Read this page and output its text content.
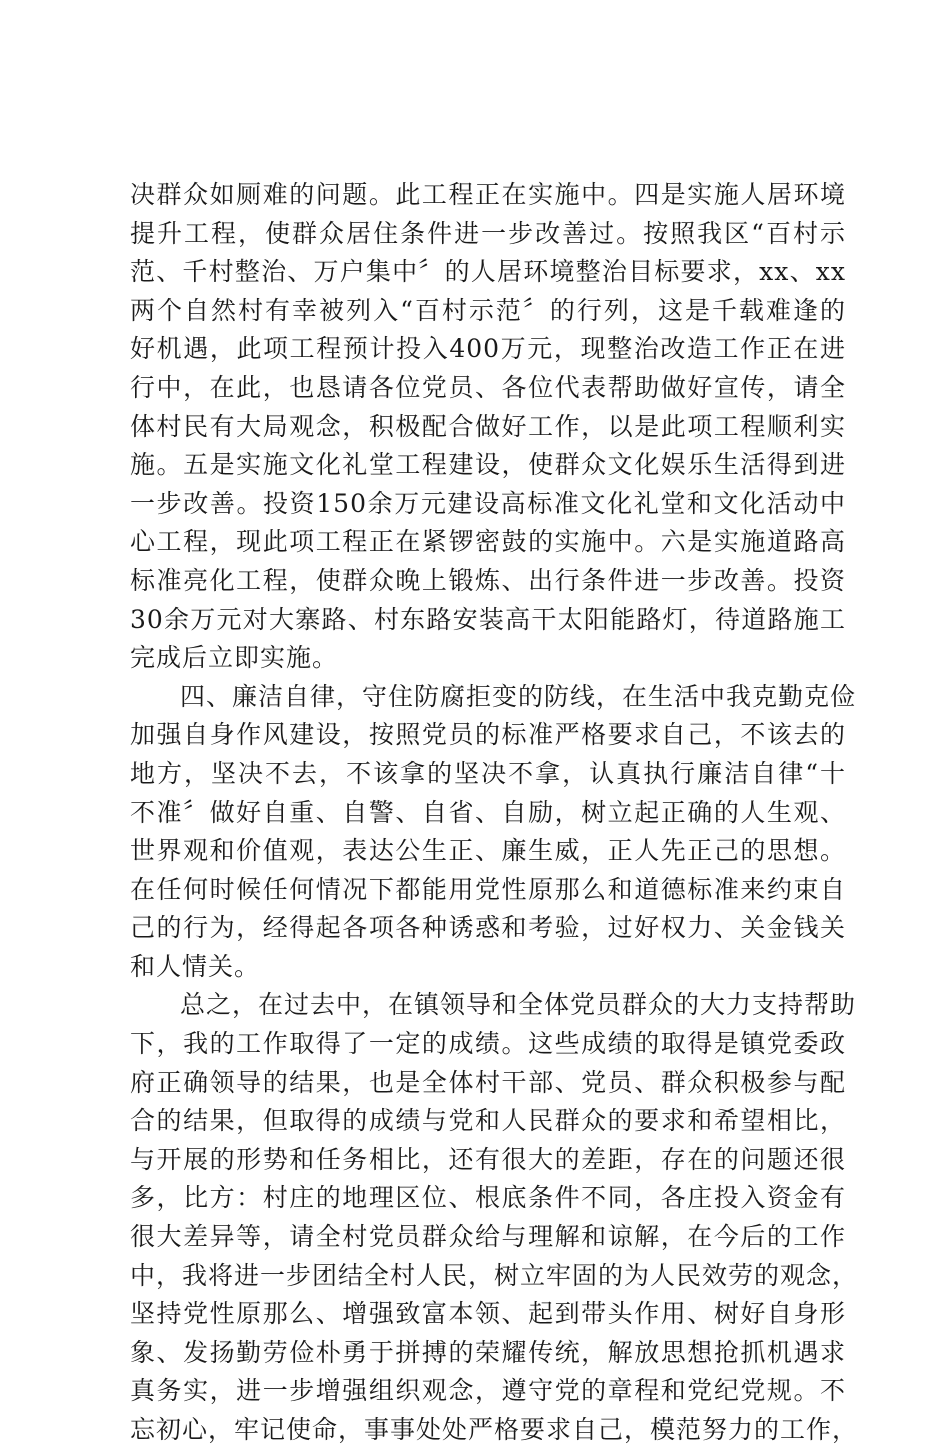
决群众如厕难的问题。此工程正在实施中。四是实施人居环境
提升工程，使群众居住条件进一步改善过。按照我区“百村示
范、千村整治、万户集中〞的人居环境整治目标要求，xx、xx
两个自然村有幸被列入“百村示范〞的行列，这是千载难逢的
好机遇，此项工程预计投入400万元，现整治改造工作正在进
行中，在此，也恳请各位党员、各位代表帮助做好宣传，请全
体村民有大局观念，积极配合做好工作，以是此项工程顺利实
施。五是实施文化礼堂工程建设，使群众文化娱乐生活得到进
一步改善。投资150余万元建设高标准文化礼堂和文化活动中
心工程，现此项工程正在紧锣密鼓的实施中。六是实施道路高
标准亮化工程，使群众晚上锻炼、出行条件进一步改善。投资
30余万元对大寨路、村东路安装高干太阳能路灯，待道路施工
完成后立即实施。
四、廉洁自律，守住防腐拒变的防线，在生活中我克勤克俭
加强自身作风建设，按照党员的标准严格要求自己，不该去的
地方，坚决不去，不该拿的坚决不拿，认真执行廉洁自律“十
不准〞做好自重、自警、自省、自励，树立起正确的人生观、
世界观和价值观，表达公生正、廉生威，正人先正己的思想。
在任何时候任何情况下都能用党性原那么和道德标准来约束自
己的行为，经得起各项各种诱惑和考验，过好权力、关金钱关
和人情关。
总之，在过去中，在镇领导和全体党员群众的大力支持帮助
下，我的工作取得了一定的成绩。这些成绩的取得是镇党委政
府正确领导的结果，也是全体村干部、党员、群众积极参与配
合的结果，但取得的成绩与党和人民群众的要求和希望相比，
与开展的形势和任务相比，还有很大的差距，存在的问题还很
多，比方：村庄的地理区位、根底条件不同，各庄投入资金有
很大差异等，请全村党员群众给与理解和谅解，在今后的工作
中，我将进一步团结全村人民，树立牢固的为人民效劳的观念，
坚持党性原那么、增强致富本领、起到带头作用、树好自身形
象、发扬勤劳俭朴勇于拼搏的荣耀传统，解放思想抢抓机遇求
真务实，进一步增强组织观念，遵守党的章程和党纪党规。不
忘初心，牢记使命，事事处处严格要求自己，模范努力的工作，
